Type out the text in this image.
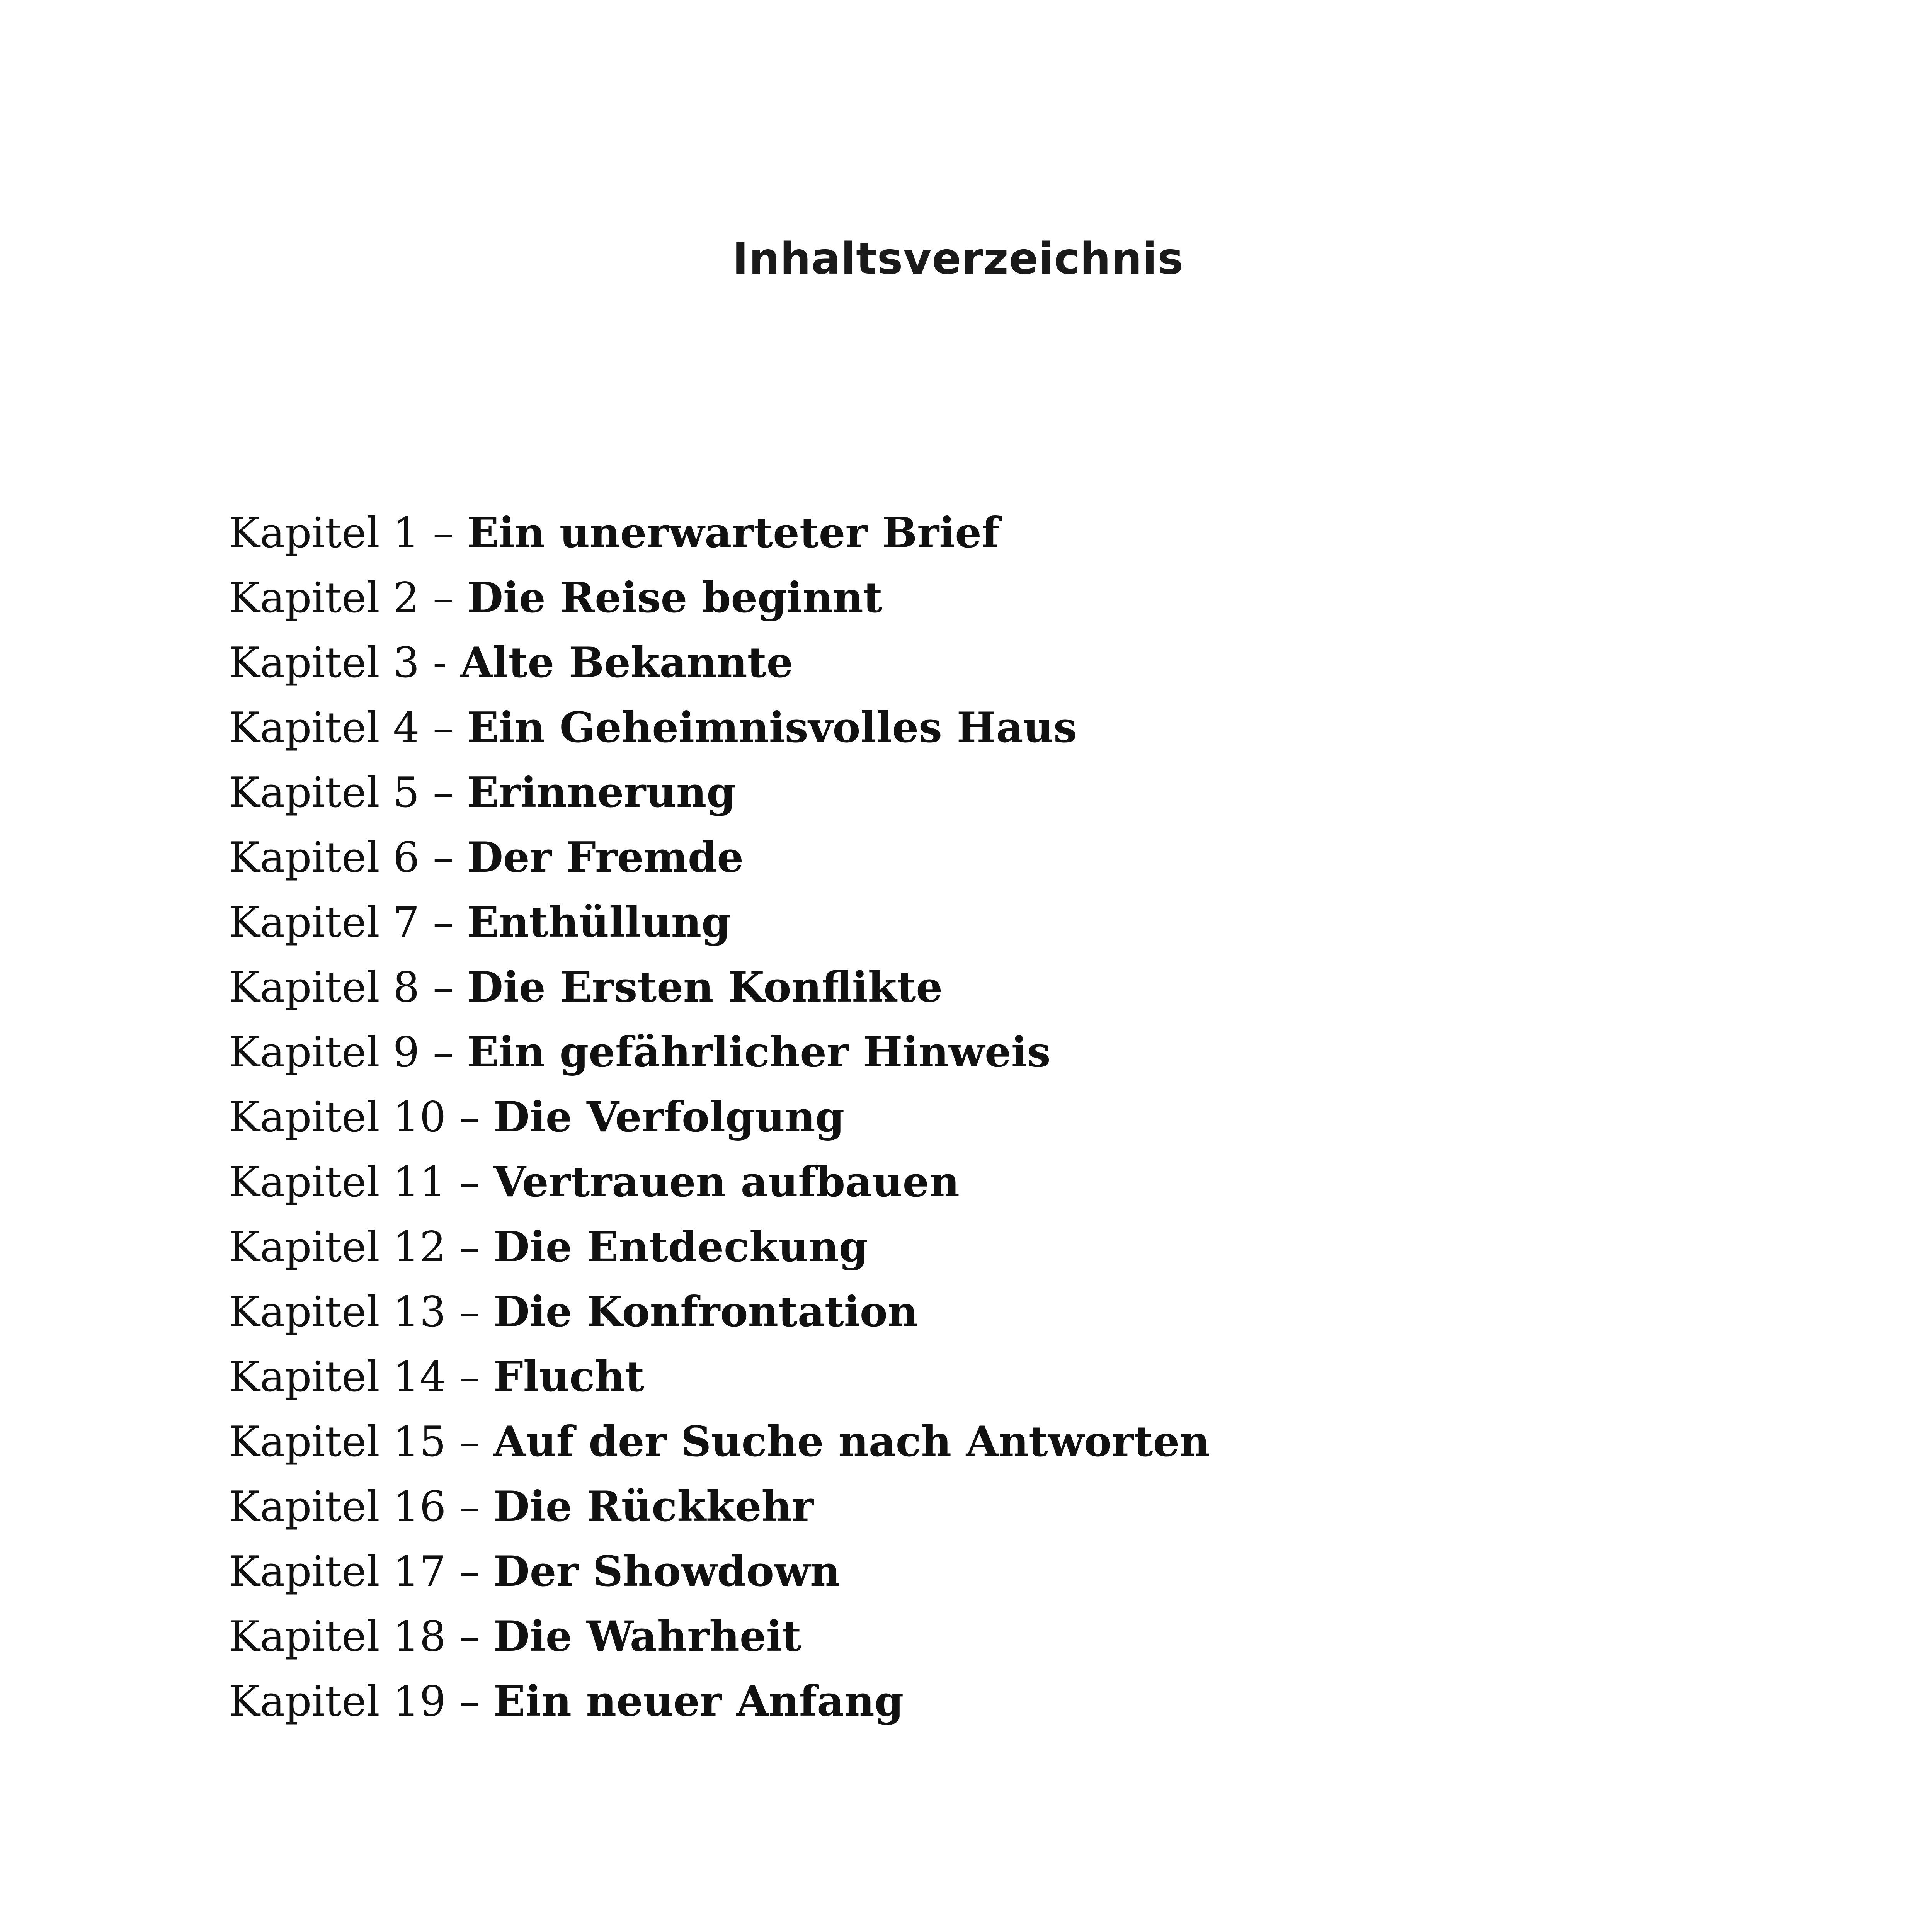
Inhaltsverzeichnis
Kapitel 1 – Ein unerwarteter Brief
Kapitel 2 – Die Reise beginnt
Kapitel 3 - Alte Bekannte
Kapitel 4 – Ein Geheimnisvolles Haus
Kapitel 5 – Erinnerung
Kapitel 6 – Der Fremde
Kapitel 7 – Enthüllung
Kapitel 8 – Die Ersten Konflikte
Kapitel 9 – Ein gefährlicher Hinweis
Kapitel 10 – Die Verfolgung
Kapitel 11 – Vertrauen aufbauen
Kapitel 12 – Die Entdeckung
Kapitel 13 – Die Konfrontation
Kapitel 14 – Flucht
Kapitel 15 – Auf der Suche nach Antworten
Kapitel 16 – Die Rückkehr
Kapitel 17 – Der Showdown
Kapitel 18 – Die Wahrheit
Kapitel 19 – Ein neuer Anfang
